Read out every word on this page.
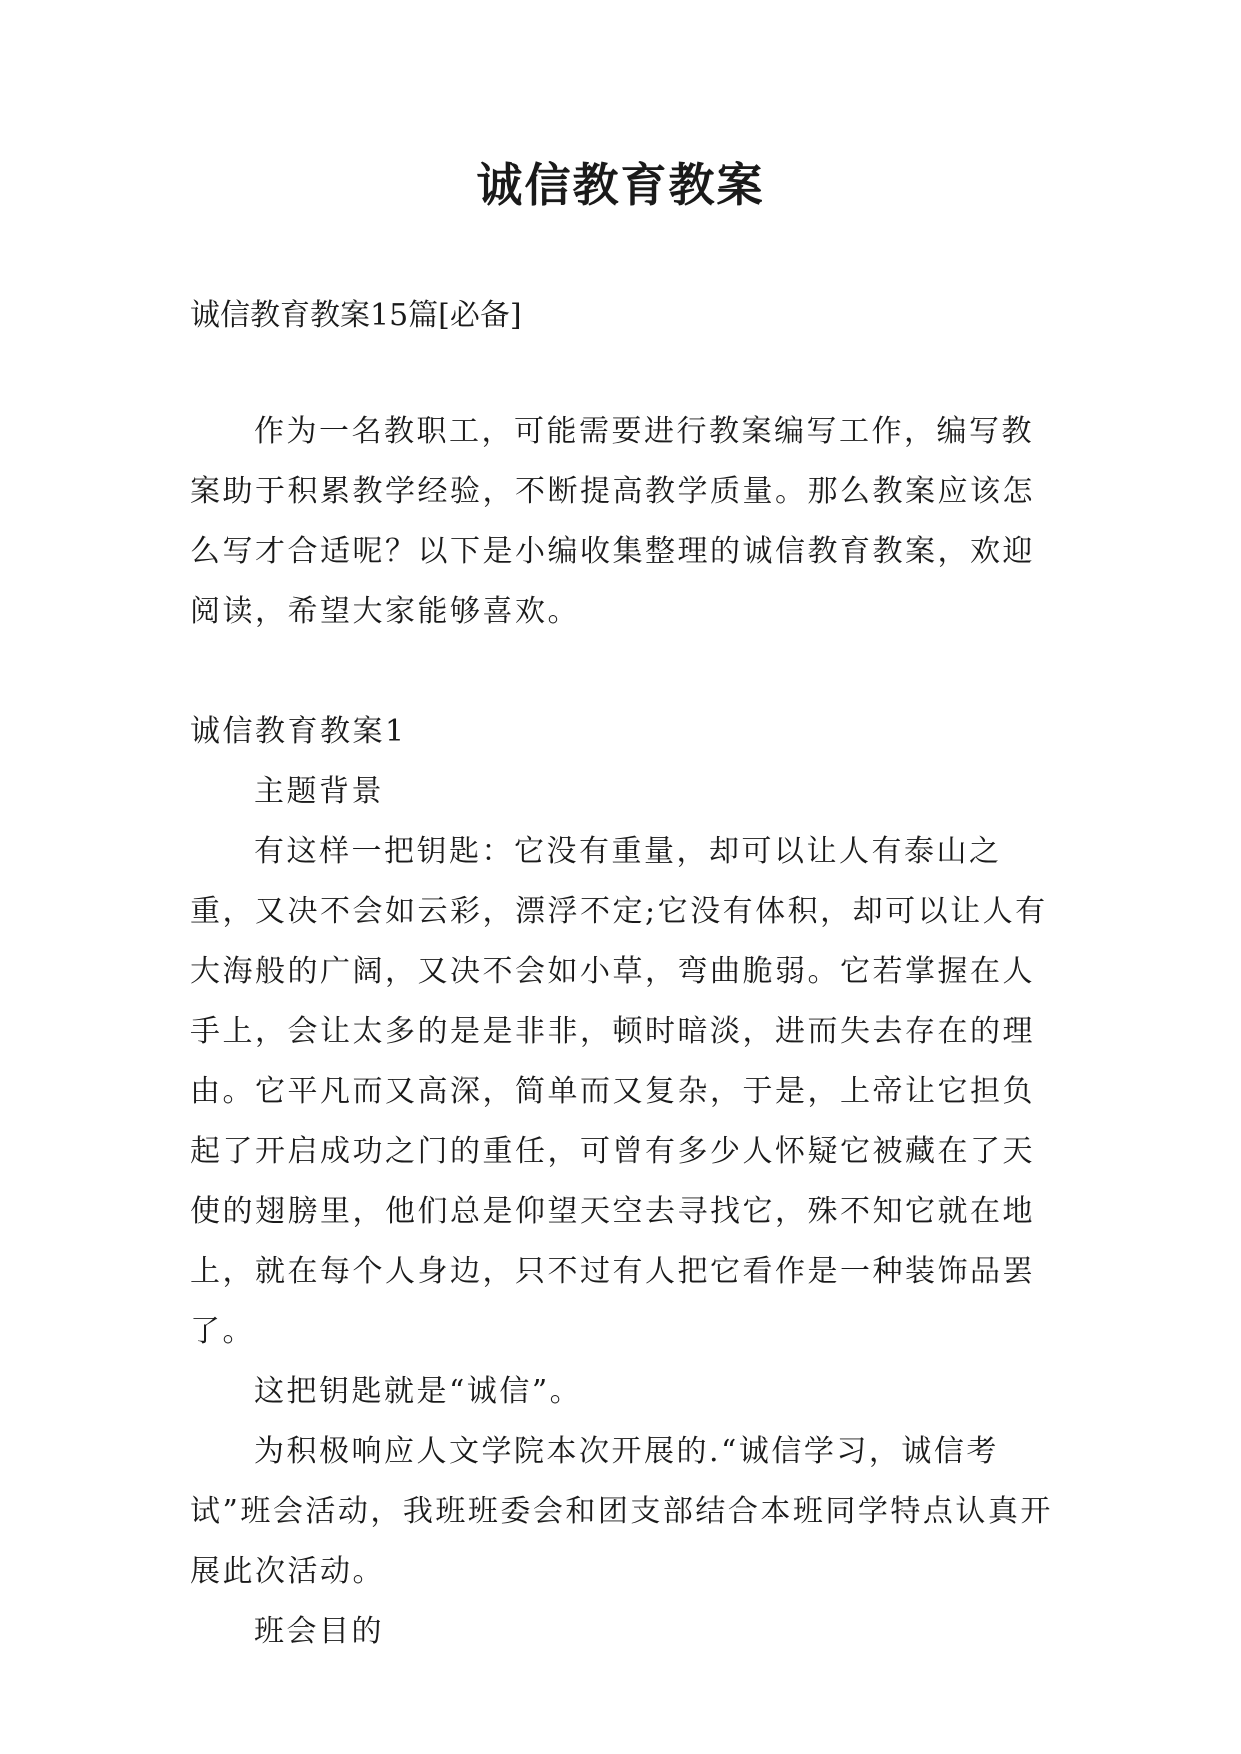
诚信教育教案
诚信教育教案15篇[必备]

作为一名教职工，可能需要进行教案编写工作，编写教案助于积累教学经验，不断提高教学质量。那么教案应该怎么写才合适呢？以下是小编收集整理的诚信教育教案，欢迎阅读，希望大家能够喜欢。

诚信教育教案1

主题背景

有这样一把钥匙：它没有重量，却可以让人有泰山之重，又决不会如云彩，漂浮不定;它没有体积，却可以让人有大海般的广阔，又决不会如小草，弯曲脆弱。它若掌握在人手上，会让太多的是是非非，顿时暗淡，进而失去存在的理由。它平凡而又高深，简单而又复杂，于是，上帝让它担负起了开启成功之门的重任，可曾有多少人怀疑它被藏在了天使的翅膀里，他们总是仰望天空去寻找它，殊不知它就在地上，就在每个人身边，只不过有人把它看作是一种装饰品罢了。

这把钥匙就是“诚信”。

为积极响应人文学院本次开展的.“诚信学习，诚信考试”班会活动，我班班委会和团支部结合本班同学特点认真开展此次活动。

班会目的
